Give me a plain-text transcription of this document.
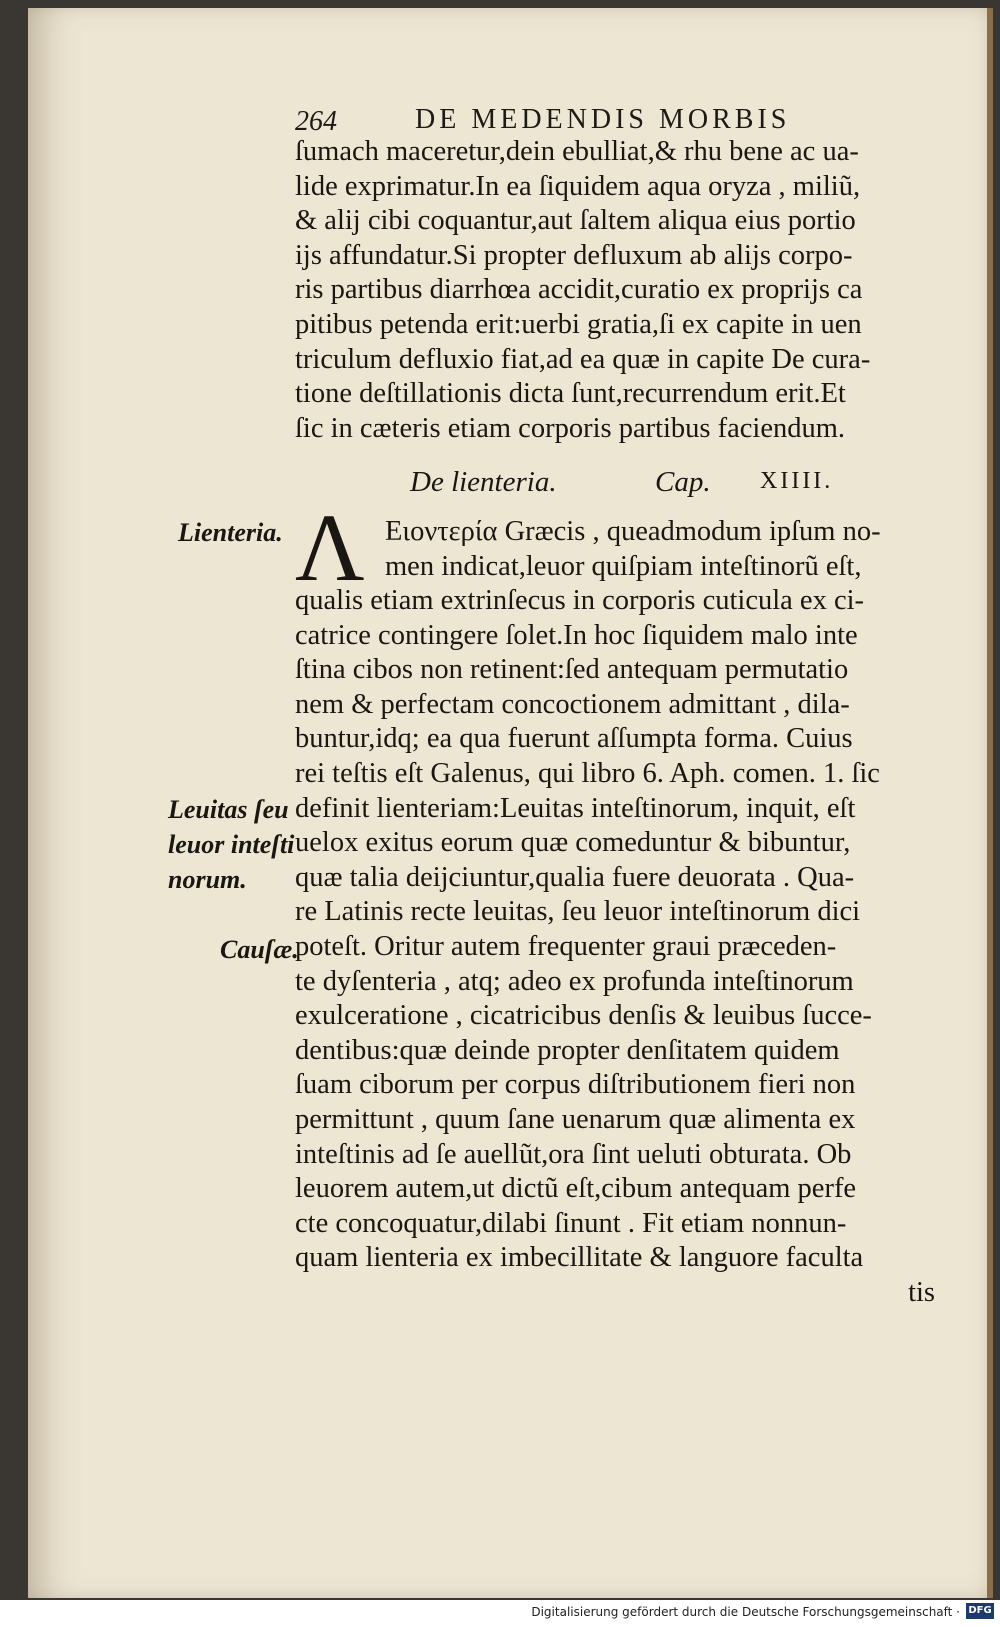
264	DE MEDENDIS MORBIS
ſumach maceretur,dein ebulliat,& rhu bene ac ua-
lide exprimatur.In ea ſiquidem aqua oryza , miliũ,
& alij cibi coquantur,aut ſaltem aliqua eius portio
ijs affundatur.Si propter defluxum ab alijs corpo-
ris partibus diarrhœa accidit,curatio ex proprijs ca
pitibus petenda erit:uerbi gratia,ſi ex capite in uen
triculum defluxio fiat,ad ea quæ in capite De cura-
tione deſtillationis dicta ſunt,recurrendum erit.Et
ſic in cæteris etiam corporis partibus faciendum.
De lienteria.	Cap. XIIII.
Λ Ειοντερία Græcis , queadmodum ipſum no-
men indicat,leuor quiſpiam inteſtinorũ eſt,
qualis etiam extrinſecus in corporis cuticula ex ci-
catrice contingere ſolet.In hoc ſiquidem malo inte
ſtina cibos non retinent:ſed antequam permutatio
nem & perfectam concoctionem admittant , dila-
buntur,idq; ea qua fuerunt aſſumpta forma. Cuius
rei teſtis eſt Galenus, qui libro 6. Aph. comen. 1. ſic
definit lienteriam:Leuitas inteſtinorum, inquit, eſt
uelox exitus eorum quæ comeduntur & bibuntur,
quæ talia deijciuntur,qualia fuere deuorata . Qua-
re Latinis recte leuitas, ſeu leuor inteſtinorum dici
poteſt. Oritur autem frequenter graui præceden-
te dyſenteria , atq; adeo ex profunda inteſtinorum
exulceratione , cicatricibus denſis & leuibus ſucce-
dentibus:quæ deinde propter denſitatem quidem
ſuam ciborum per corpus diſtributionem fieri non
permittunt , quum ſane uenarum quæ alimenta ex
inteſtinis ad ſe auellũt,ora ſint ueluti obturata. Ob
leuorem autem,ut dictũ eſt,cibum antequam perfe
cte concoquatur,dilabi ſinunt . Fit etiam nonnun-
quam lienteria ex imbecillitate & languore faculta
tis
Lienteria.
Leuitas ſeu
leuor inteſti
norum.
Cauſæ.
Digitalisierung gefördert durch die Deutsche Forschungsgemeinschaft · DFG
